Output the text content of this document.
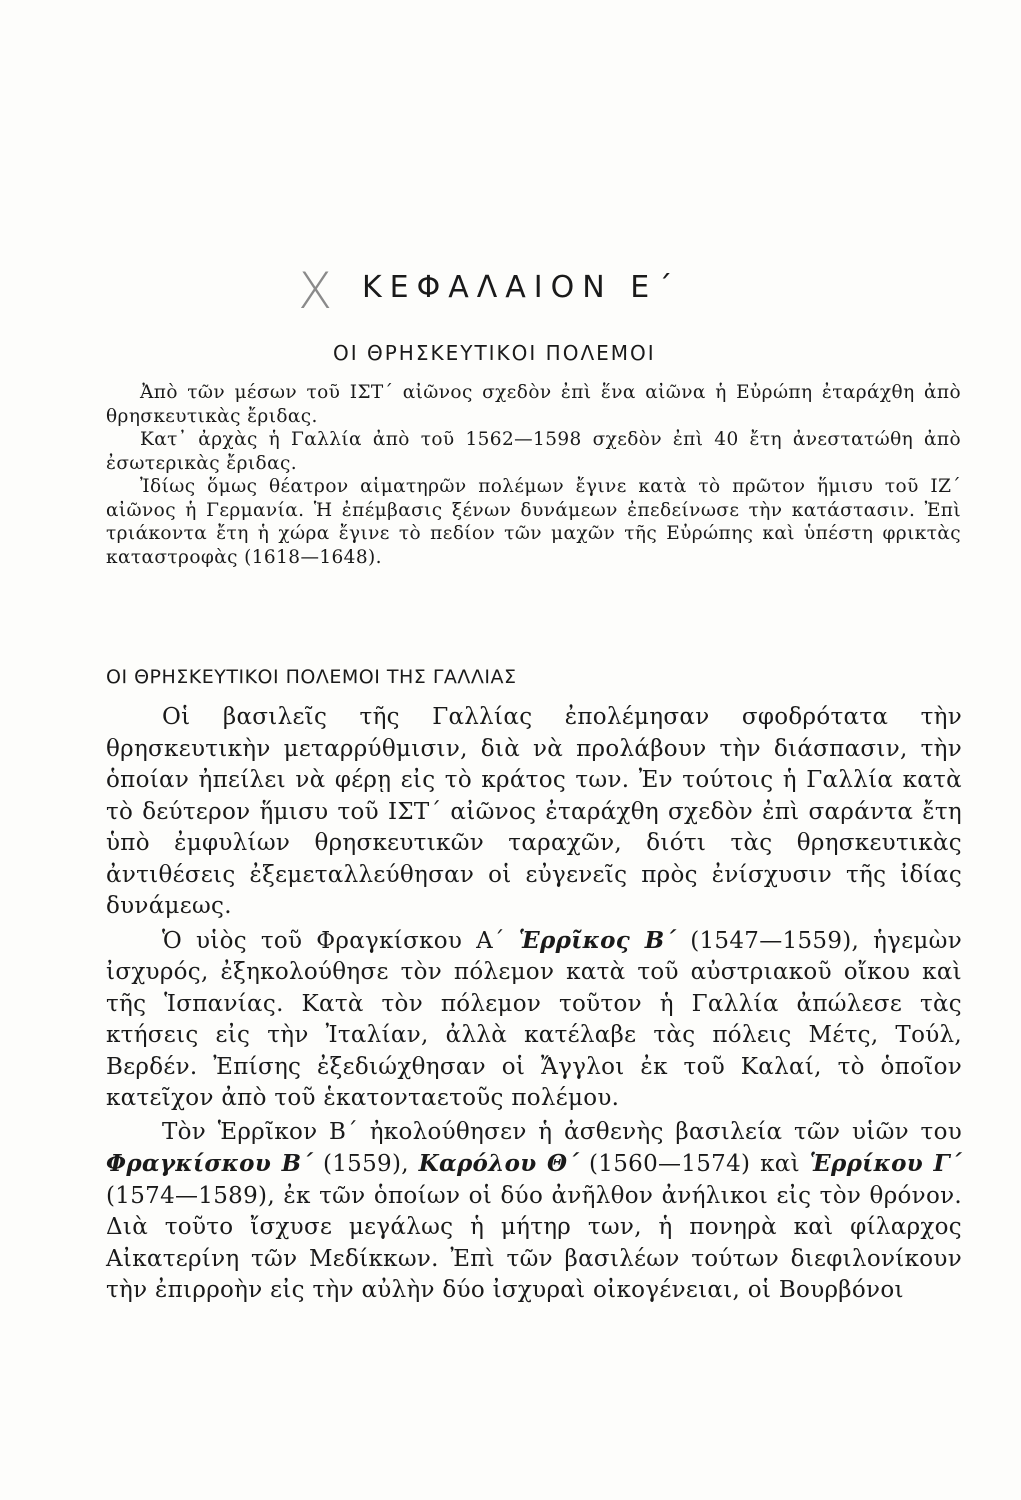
X ΚΕΦΑΛΑΙΟΝ Ε΄
ΟΙ ΘΡΗΣΚΕΥΤΙΚΟΙ ΠΟΛΕΜΟΙ

Ἀπὸ τῶν μέσων τοῦ ΙΣΤ΄ αἰῶνος σχεδὸν ἐπὶ ἕνα αἰῶνα ἡ Εὐρώπη ἐταράχθη ἀπὸ θρησκευτικὰς ἔριδας.

Κατ᾽ ἀρχὰς ἡ Γαλλία ἀπὸ τοῦ 1562—1598 σχεδὸν ἐπὶ 40 ἔτη ἀνεστατώθη ἀπὸ ἐσωτερικὰς ἔριδας.

Ἰδίως ὅμως θέατρον αἱματηρῶν πολέμων ἔγινε κατὰ τὸ πρῶτον ἥμισυ τοῦ ΙΖ΄ αἰῶνος ἡ Γερμανία. Ἡ ἐπέμβασις ξένων δυνάμεων ἐπεδείνωσε τὴν κατάστασιν. Ἐπὶ τριάκοντα ἔτη ἡ χώρα ἔγινε τὸ πεδίον τῶν μαχῶν τῆς Εὐρώπης καὶ ὑπέστη φρικτὰς καταστροφὰς (1618—1648).

ΟΙ ΘΡΗΣΚΕΥΤΙΚΟΙ ΠΟΛΕΜΟΙ ΤΗΣ ΓΑΛΛΙΑΣ

Οἱ βασιλεῖς τῆς Γαλλίας ἐπολέμησαν σφοδρότατα τὴν θρησκευτικὴν μεταρρύθμισιν, διὰ νὰ προλάβουν τὴν διάσπασιν, τὴν ὁποίαν ἠπείλει νὰ φέρῃ εἰς τὸ κράτος των. Ἐν τούτοις ἡ Γαλλία κατὰ τὸ δεύτερον ἥμισυ τοῦ ΙΣΤ΄ αἰῶνος ἐταράχθη σχεδὸν ἐπὶ σαράντα ἔτη ὑπὸ ἐμφυλίων θρησκευτικῶν ταραχῶν, διότι τὰς θρησκευτικὰς ἀντιθέσεις ἐξεμεταλλεύθησαν οἱ εὐγενεῖς πρὸς ἐνίσχυσιν τῆς ἰδίας δυνάμεως.

Ὁ υἱὸς τοῦ Φραγκίσκου Α΄ Ἑρρῖκος Β΄ (1547—1559), ἡγεμὼν ἰσχυρός, ἐξηκολούθησε τὸν πόλεμον κατὰ τοῦ αὐστριακοῦ οἴκου καὶ τῆς Ἱσπανίας. Κατὰ τὸν πόλεμον τοῦτον ἡ Γαλλία ἀπώλεσε τὰς κτήσεις εἰς τὴν Ἰταλίαν, ἀλλὰ κατέλαβε τὰς πόλεις Μέτς, Τούλ, Βερδέν. Ἐπίσης ἐξεδιώχθησαν οἱ Ἄγγλοι ἐκ τοῦ Καλαί, τὸ ὁποῖον κατεῖχον ἀπὸ τοῦ ἑκατονταετοῦς πολέμου.

Τὸν Ἑρρῖκον Β΄ ἠκολούθησεν ἡ ἀσθενὴς βασιλεία τῶν υἱῶν του Φραγκίσκου Β΄ (1559), Καρόλου Θ΄ (1560—1574) καὶ Ἑρρίκου Γ΄ (1574—1589), ἐκ τῶν ὁποίων οἱ δύο ἀνῆλθον ἀνήλικοι εἰς τὸν θρόνον. Διὰ τοῦτο ἴσχυσε μεγάλως ἡ μήτηρ των, ἡ πονηρὰ καὶ φίλαρχος Αἰκατερίνη τῶν Μεδίκκων. Ἐπὶ τῶν βασιλέων τούτων διεφιλονίκουν τὴν ἐπιρροὴν εἰς τὴν αὐλὴν δύο ἰσχυραὶ οἰκογένειαι, οἱ Βουρβόνοι
